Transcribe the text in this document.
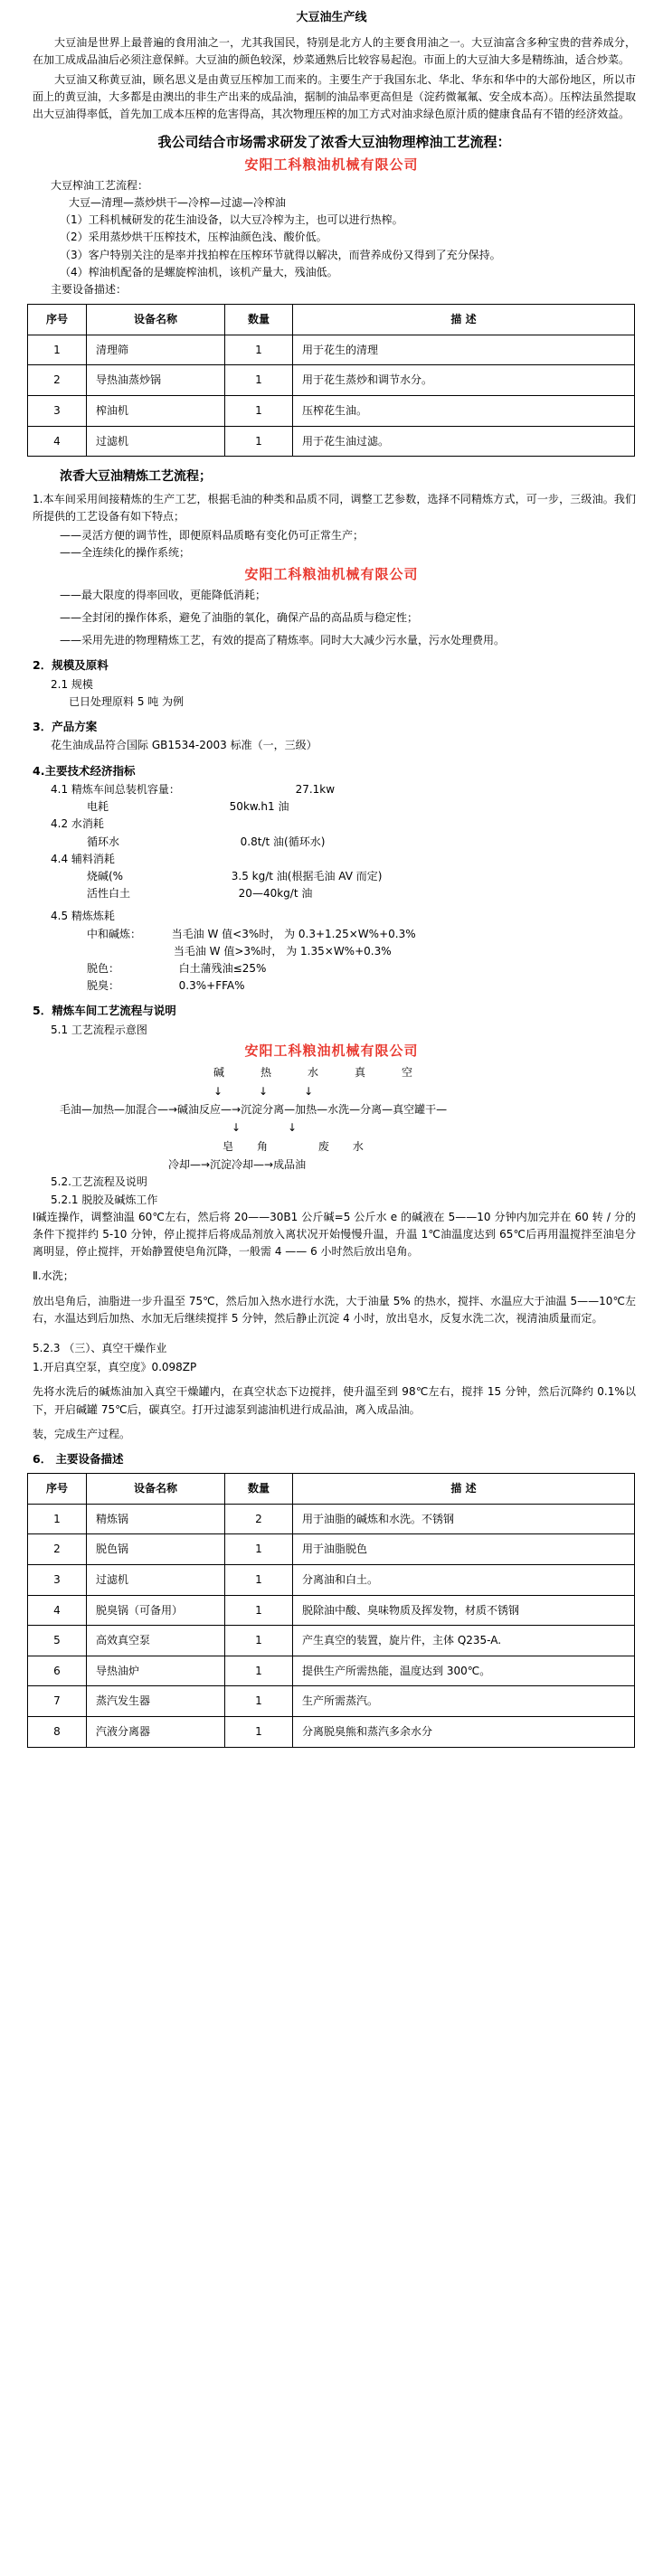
大豆油生产线

大豆油是世界上最普遍的食用油之一，尤其我国民，特别是北方人的主要食用油之一。大豆油富含多种宝贵的营养成分，在加工成成品油后必须注意保鲜。大豆油的颜色较深，炒菜通熟后比较容易起泡。市面上的大豆油大多是精练油，适合炒菜。

大豆油又称黄豆油，顾名思义是由黄豆压榨加工而来的。主要生产于我国东北、华北、华东和华中的大部份地区，所以市面上的黄豆油，大多都是由澳出的非生产出来的成品油，据制的油品率更高但是（淀药微氟氟、安全成本高）。压榨法虽然提取出大豆油得率低，首先加工成本压榨的危害得高，其次物理压榨的加工方式对油求绿色原汁质的健康食品有不错的经济效益。

我公司结合市场需求研发了浓香大豆油物理榨油工艺流程：
安阳工科粮油机械有限公司
大豆榨油工艺流程：
大豆—清理—蒸炒烘干—冷榨—过滤—冷榨油
（1）工科机械研发的花生油设备，以大豆冷榨为主，也可以进行热榨。
（2）采用蒸炒烘干压榨技术，压榨油颜色浅、酸价低。
（3）客户特别关注的是率并找拍榨在压榨环节就得以解决，而营养成份又得到了充分保持。
（4）榨油机配备的是螺旋榨油机，该机产量大，残油低。
主要设备描述：
序号	设备名称	数量	描 述
1	清理筛	1	用于花生的清理
2	导热油蒸炒锅	1	用于花生蒸炒和调节水分。
3	榨油机	1	压榨花生油。
4	过滤机	1	用于花生油过滤。
浓香大豆油精炼工艺流程；

1.本车间采用间接精炼的生产工艺，根据毛油的种类和品质不同，调整工艺参数，选择不同精炼方式，可一步，三级油。我们所提供的工艺设备有如下特点；

——灵活方便的调节性，即便原料品质略有变化仍可正常生产；
——全连续化的操作系统；
安阳工科粮油机械有限公司
——最大限度的得率回收，更能降低消耗；
——全封闭的操作体系，避免了油脂的氧化，确保产品的高品质与稳定性；
——采用先进的物理精炼工艺，有效的提高了精炼率。同时大大减少污水量，污水处理费用。
2．规模及原料
2.1 规模
已日处理原料 5 吨 为例
3．产品方案
花生油成品符合国际 GB1534-2003 标准（一，三级）
4.主要技术经济指标
4.1 精炼车间总装机容量：	27.1kw
电耗	50kw.h1 油
4.2 水消耗
循环水	0.8t/t 油(循环水)
4.4 辅料消耗
烧碱(%	3.5 kg/t 油(根据毛油 AV 而定)
活性白土	20—40kg/t 油
4.5 精炼炼耗
中和碱炼：	当毛油 W 值<3%时， 为 0.3+1.25×W%+0.3%
当毛油 W 值>3%时， 为 1.35×W%+0.3%
脱色：	白土蒲残油≤25%
脱臭：	0.3%+FFA%
5．精炼车间工艺流程与说明
5.1 工艺流程示意图
安阳工科粮油机械有限公司
碱热水真空
↓↓↓
毛油—加热—加混合—→碱油反应—→沉淀分离—加热—水洗—分离—真空罐干—
↓↓
皂角 废水
冷却—→沉淀冷却—→成品油
5.2.工艺流程及说明
5.2.1 脱胶及碱炼工作

Ⅰ碱连操作，调整油温 60℃左右，然后将 20——30B1 公斤碱=5 公斤水 e 的碱液在 5——10 分钟内加完并在 60 转 / 分的条件下搅拌约 5-10 分钟，停止搅拌后将成品剂放入离状况开始慢慢升温，升温 1℃油温度达到 65℃后再用温搅拌至油皂分离明显，停止搅拌，开始静置使皂角沉降，一般需 4 —— 6 小时然后放出皂角。

Ⅱ.水洗；

放出皂角后，油脂进一步升温至 75℃，然后加入热水进行水洗，大于油量 5% 的热水，搅拌、水温应大于油温 5——10℃左右，水温达到后加热、水加无后继续搅拌 5 分钟，然后静止沉淀 4 小时，放出皂水，反复水洗二次，视清油质量而定。

5.2.3 （三）、真空干燥作业

1.开启真空泵，真空度》0.098ZP

先将水洗后的碱炼油加入真空干燥罐内，在真空状态下边搅拌，使升温至到 98℃左右，搅拌 15 分钟，然后沉降约 0.1%以下，开启碱罐 75℃后，碳真空。打开过滤泵到滤油机进行成品油，离入成品油。

装，完成生产过程。

6． 主要设备描述
序号	设备名称	数量	描 述
1	精炼锅	2	用于油脂的碱炼和水洗。不锈钢
2	脱色锅	1	用于油脂脱色
3	过滤机	1	分离油和白土。
4	脱臭锅（可备用）	1	脱除油中酸、臭味物质及挥发物，材质不锈钢
5	高效真空泵	1	产生真空的装置，旋片件，主体 Q235-A.
6	导热油炉	1	提供生产所需热能，温度达到 300℃。
7	蒸汽发生器	1	生产所需蒸汽。
8	汽液分离器	1	分离脱臭熊和蒸汽多余水分
